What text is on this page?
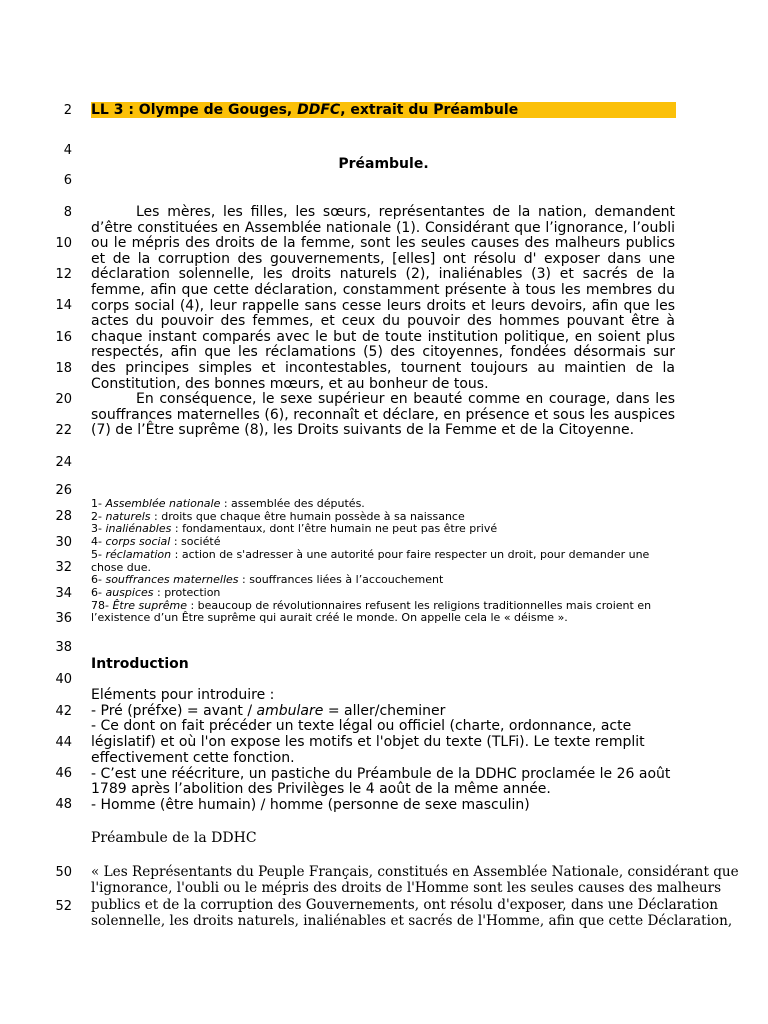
2
4
6
8
10
12
14
16
18
20
22
24
26
28
30
32
34
36
38
40
42
44
46
48
50
52
LL 3 : Olympe de Gouges, DDFC, extrait du Préambule
Préambule.

Les mères, les filles, les sœurs, représentantes de la nation, demandent d’être constituées en Assemblée nationale (1). Considérant que l’ignorance, l’oubli ou le mépris des droits de la femme, sont les seules causes des malheurs publics et de la corruption des gouvernements, [elles] ont résolu d' exposer dans une déclaration solennelle, les droits naturels (2), inaliénables (3) et sacrés de la femme, afin que cette déclaration, constamment présente à tous les membres du corps social (4), leur rappelle sans cesse leurs droits et leurs devoirs, afin que les actes du pouvoir des femmes, et ceux du pouvoir des hommes pouvant être à chaque instant comparés avec le but de toute institution politique, en soient plus respectés, afin que les réclamations (5) des citoyennes, fondées désormais sur des principes simples et incontestables, tournent toujours au maintien de la Constitution, des bonnes mœurs, et au bonheur de tous.

En conséquence, le sexe supérieur en beauté comme en courage, dans les souffrances maternelles (6), reconnaît et déclare, en présence et sous les auspices (7) de l’Être suprême (8), les Droits suivants de la Femme et de la Citoyenne.

1- Assemblée nationale : assemblée des députés.
2- naturels : droits que chaque être humain possède à sa naissance
3- inaliénables : fondamentaux, dont l’être humain ne peut pas être privé
4- corps social : société
5- réclamation : action de s'adresser à une autorité pour faire respecter un droit, pour demander une chose due.
6- souffrances maternelles : souffrances liées à l’accouchement
6- auspices : protection
78- Être suprême : beaucoup de révolutionnaires refusent les religions traditionnelles mais croient en l’existence d’un Être suprême qui aurait créé le monde. On appelle cela le « déisme ».
Introduction
Eléments pour introduire :
- Pré (préfxe) = avant / ambulare = aller/cheminer
- Ce dont on fait précéder un texte légal ou officiel (charte, ordonnance, acte législatif) et où l'on expose les motifs et l'objet du texte (TLFi). Le texte remplit effectivement cette fonction.
- C’est une réécriture, un pastiche du Préambule de la DDHC proclamée le 26 août 1789 après l’abolition des Privilèges le 4 août de la même année.
- Homme (être humain) / homme (personne de sexe masculin)
Préambule de la DDHC
« Les Représentants du Peuple Français, constitués en Assemblée Nationale, considérant que
l'ignorance, l'oubli ou le mépris des droits de l'Homme sont les seules causes des malheurs
publics et de la corruption des Gouvernements, ont résolu d'exposer, dans une Déclaration
solennelle, les droits naturels, inaliénables et sacrés de l'Homme, afin que cette Déclaration,
